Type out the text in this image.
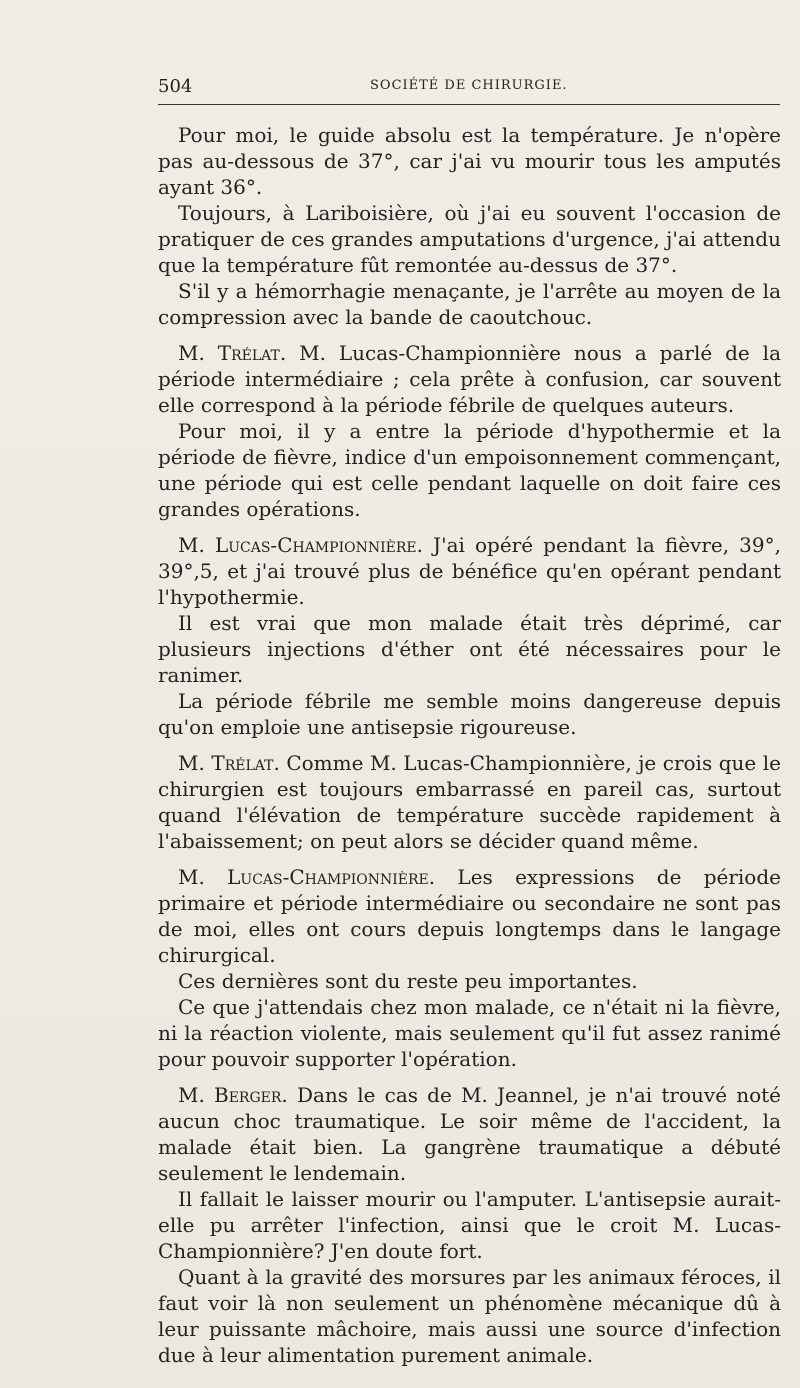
504	SOCIÉTÉ DE CHIRURGIE.

Pour moi, le guide absolu est la température. Je n'opère pas au-dessous de 37°, car j'ai vu mourir tous les amputés ayant 36°.

Toujours, à Lariboisière, où j'ai eu souvent l'occasion de pratiquer de ces grandes amputations d'urgence, j'ai attendu que la température fût remontée au-dessus de 37°.

S'il y a hémorrhagie menaçante, je l'arrête au moyen de la compression avec la bande de caoutchouc.

M. Trélat. M. Lucas-Championnière nous a parlé de la période intermédiaire ; cela prête à confusion, car souvent elle correspond à la période fébrile de quelques auteurs.

Pour moi, il y a entre la période d'hypothermie et la période de fièvre, indice d'un empoisonnement commençant, une période qui est celle pendant laquelle on doit faire ces grandes opérations.

M. Lucas-Championnière. J'ai opéré pendant la fièvre, 39°, 39°,5, et j'ai trouvé plus de bénéfice qu'en opérant pendant l'hypothermie.

Il est vrai que mon malade était très déprimé, car plusieurs injections d'éther ont été nécessaires pour le ranimer.

La période fébrile me semble moins dangereuse depuis qu'on emploie une antisepsie rigoureuse.

M. Trélat. Comme M. Lucas-Championnière, je crois que le chirurgien est toujours embarrassé en pareil cas, surtout quand l'élévation de température succède rapidement à l'abaissement; on peut alors se décider quand même.

M. Lucas-Championnière. Les expressions de période primaire et période intermédiaire ou secondaire ne sont pas de moi, elles ont cours depuis longtemps dans le langage chirurgical.

Ces dernières sont du reste peu importantes.

Ce que j'attendais chez mon malade, ce n'était ni la fièvre, ni la réaction violente, mais seulement qu'il fut assez ranimé pour pouvoir supporter l'opération.

M. Berger. Dans le cas de M. Jeannel, je n'ai trouvé noté aucun choc traumatique. Le soir même de l'accident, la malade était bien. La gangrène traumatique a débuté seulement le lendemain.

Il fallait le laisser mourir ou l'amputer. L'antisepsie aurait-elle pu arrêter l'infection, ainsi que le croit M. Lucas-Championnière? J'en doute fort.

Quant à la gravité des morsures par les animaux féroces, il faut voir là non seulement un phénomène mécanique dû à leur puissante mâchoire, mais aussi une source d'infection due à leur alimentation purement animale.
